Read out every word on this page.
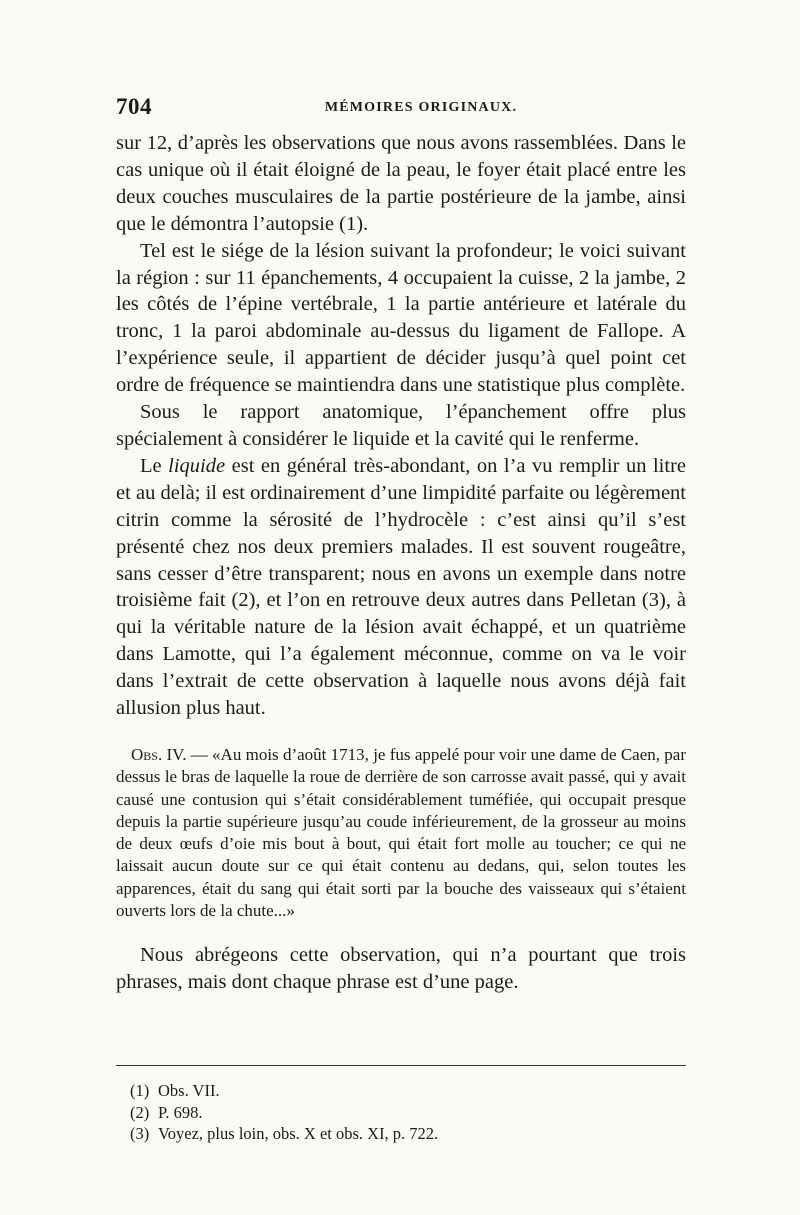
704	MÉMOIRES ORIGINAUX.

sur 12, d’après les observations que nous avons rassemblées. Dans le cas unique où il était éloigné de la peau, le foyer était placé entre les deux couches musculaires de la partie postérieure de la jambe, ainsi que le démontra l’autopsie (1).

Tel est le siége de la lésion suivant la profondeur; le voici suivant la région : sur 11 épanchements, 4 occupaient la cuisse, 2 la jambe, 2 les côtés de l’épine vertébrale, 1 la partie antérieure et latérale du tronc, 1 la paroi abdominale au-dessus du ligament de Fallope. A l’expérience seule, il appartient de décider jusqu’à quel point cet ordre de fréquence se maintiendra dans une statistique plus complète.

Sous le rapport anatomique, l’épanchement offre plus spécialement à considérer le liquide et la cavité qui le renferme.

Le liquide est en général très-abondant, on l’a vu remplir un litre et au delà; il est ordinairement d’une limpidité parfaite ou légèrement citrin comme la sérosité de l’hydrocèle : c’est ainsi qu’il s’est présenté chez nos deux premiers malades. Il est souvent rougeâtre, sans cesser d’être transparent; nous en avons un exemple dans notre troisième fait (2), et l’on en retrouve deux autres dans Pelletan (3), à qui la véritable nature de la lésion avait échappé, et un quatrième dans Lamotte, qui l’a également méconnue, comme on va le voir dans l’extrait de cette observation à laquelle nous avons déjà fait allusion plus haut.

Obs. IV. — «Au mois d’août 1713, je fus appelé pour voir une dame de Caen, par dessus le bras de laquelle la roue de derrière de son carrosse avait passé, qui y avait causé une contusion qui s’était considérablement tuméfiée, qui occupait presque depuis la partie supérieure jusqu’au coude inférieurement, de la grosseur au moins de deux œufs d’oie mis bout à bout, qui était fort molle au toucher; ce qui ne laissait aucun doute sur ce qui était contenu au dedans, qui, selon toutes les apparences, était du sang qui était sorti par la bouche des vaisseaux qui s’étaient ouverts lors de la chute...»

Nous abrégeons cette observation, qui n’a pourtant que trois phrases, mais dont chaque phrase est d’une page.

(1) Obs. VII.

(2) P. 698.

(3) Voyez, plus loin, obs. X et obs. XI, p. 722.
